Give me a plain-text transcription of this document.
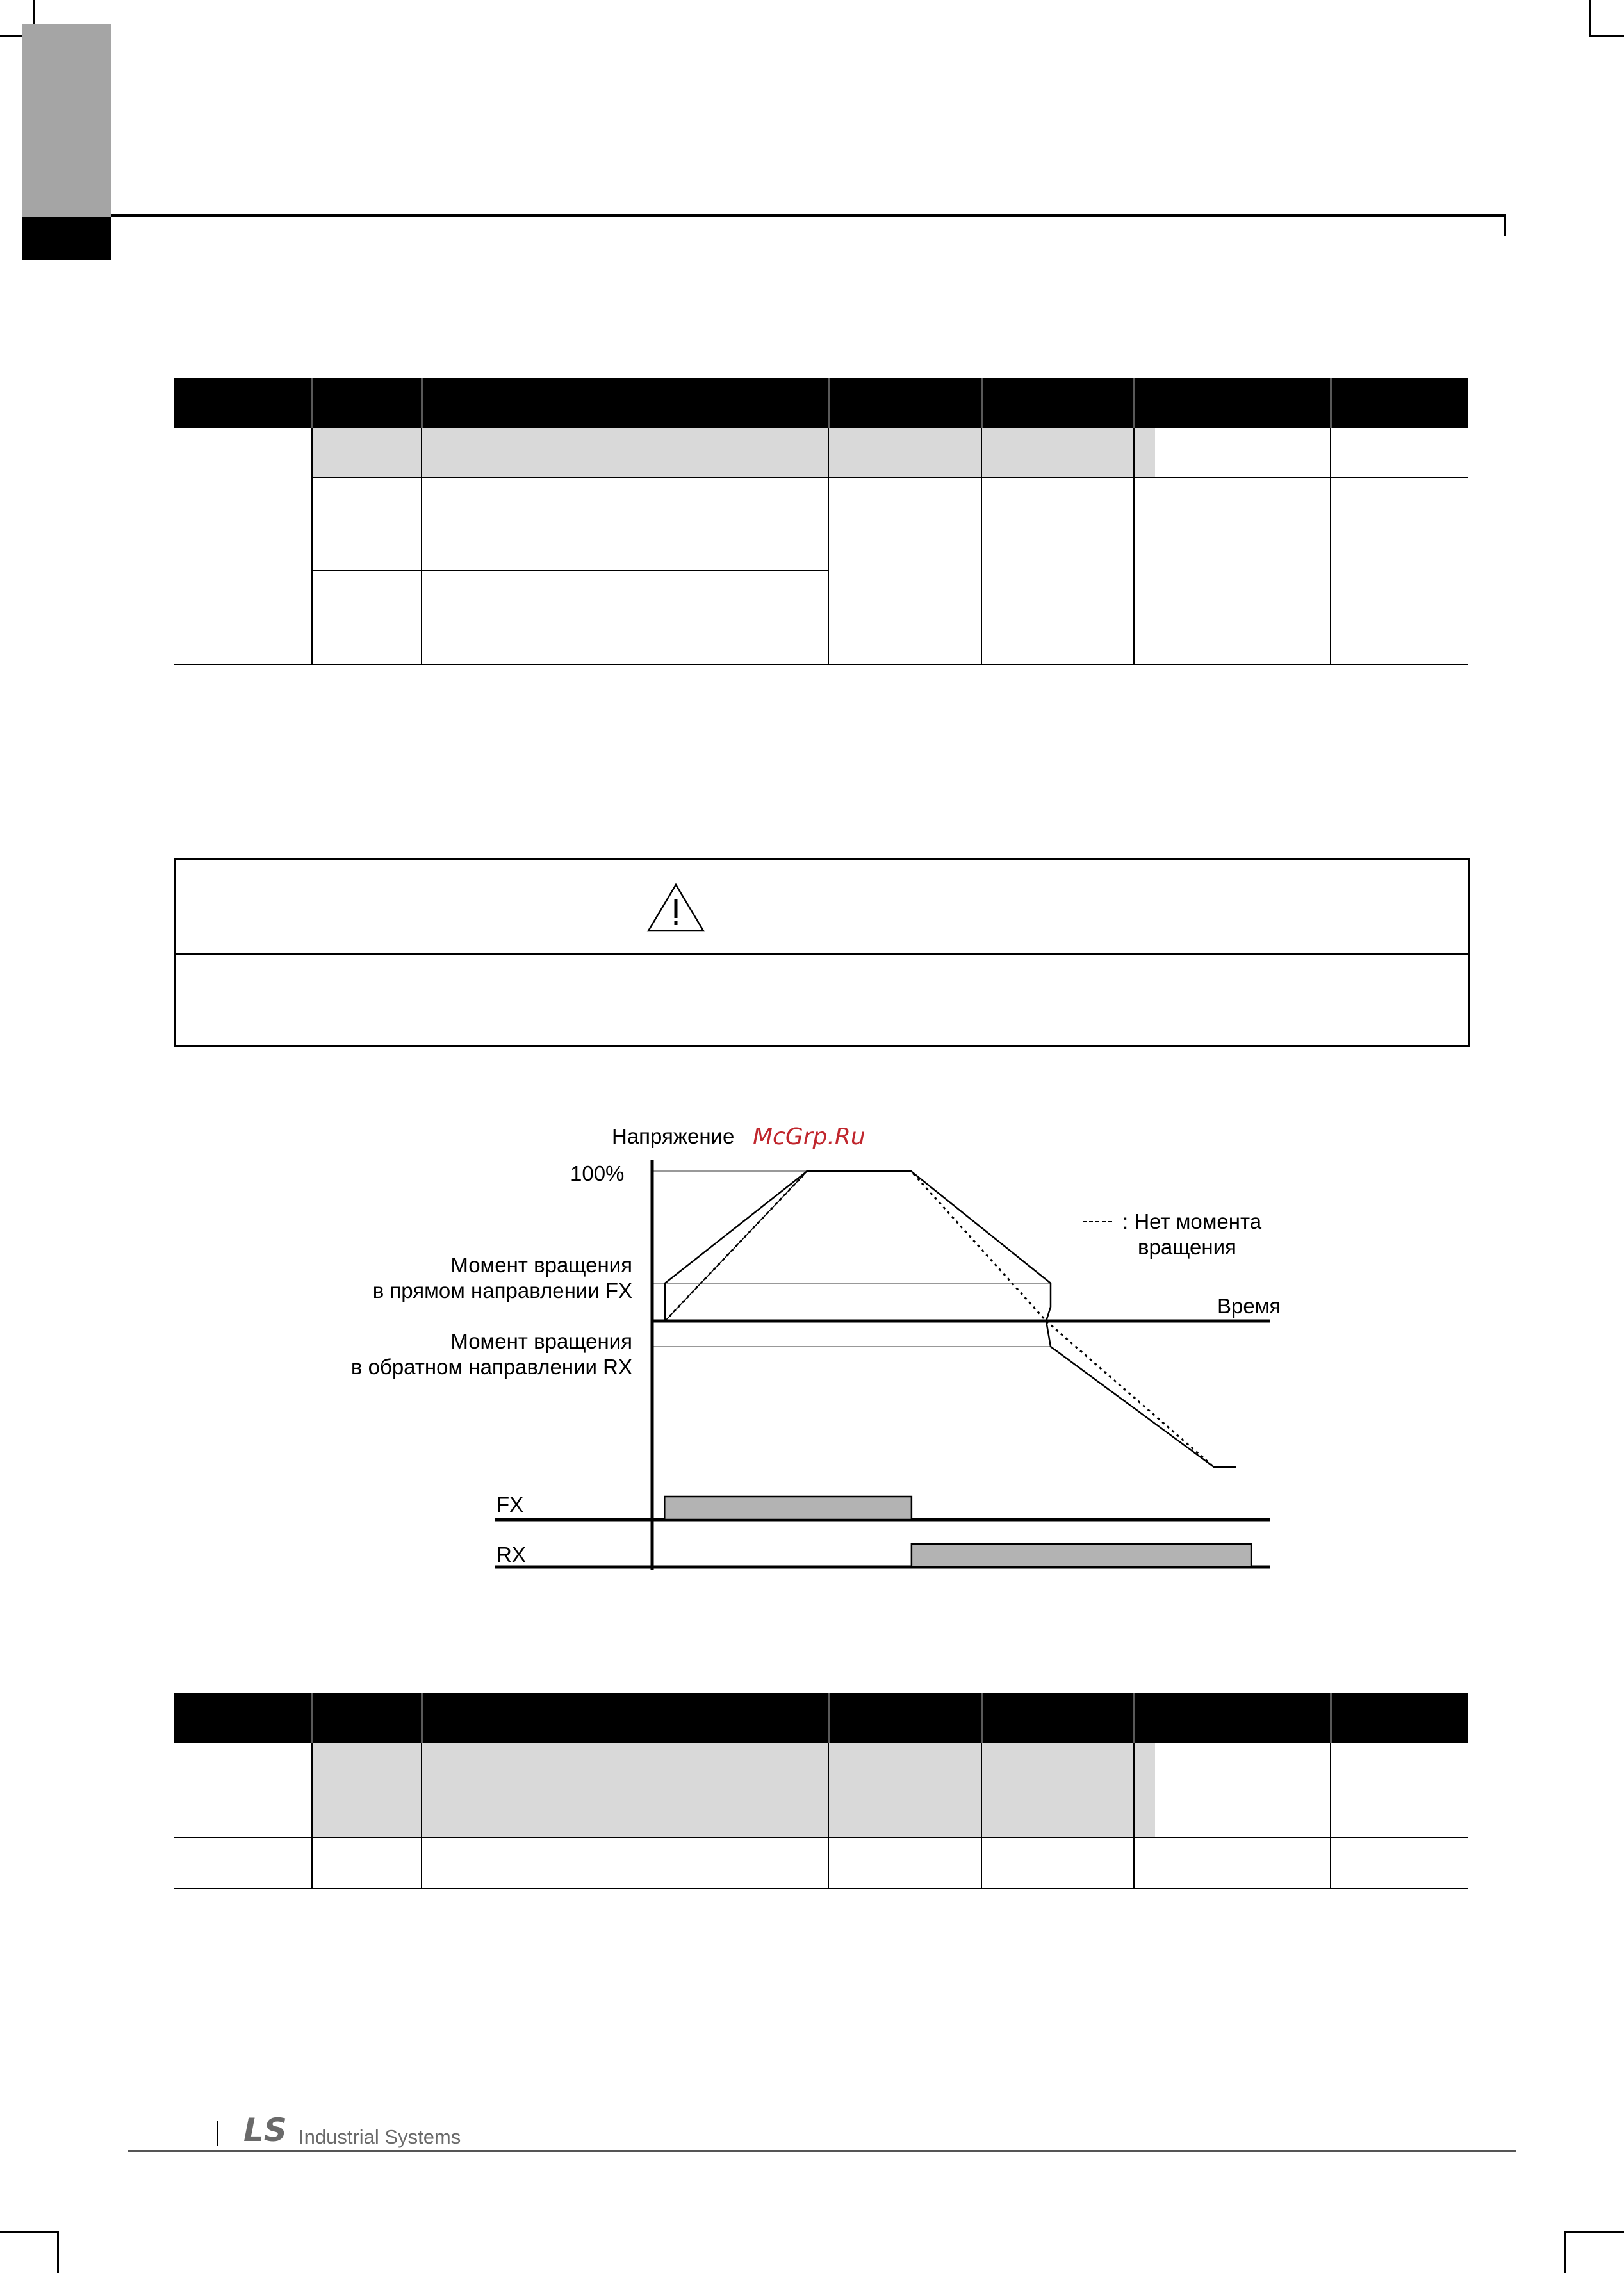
-----
Напряжение McGrp.Ru
100%
Момент вращения
в прямом направлении FX
Момент вращения
в обратном направлении RX
: Нет момента
вращения
Время
FX
RX
LS Industrial Systems
